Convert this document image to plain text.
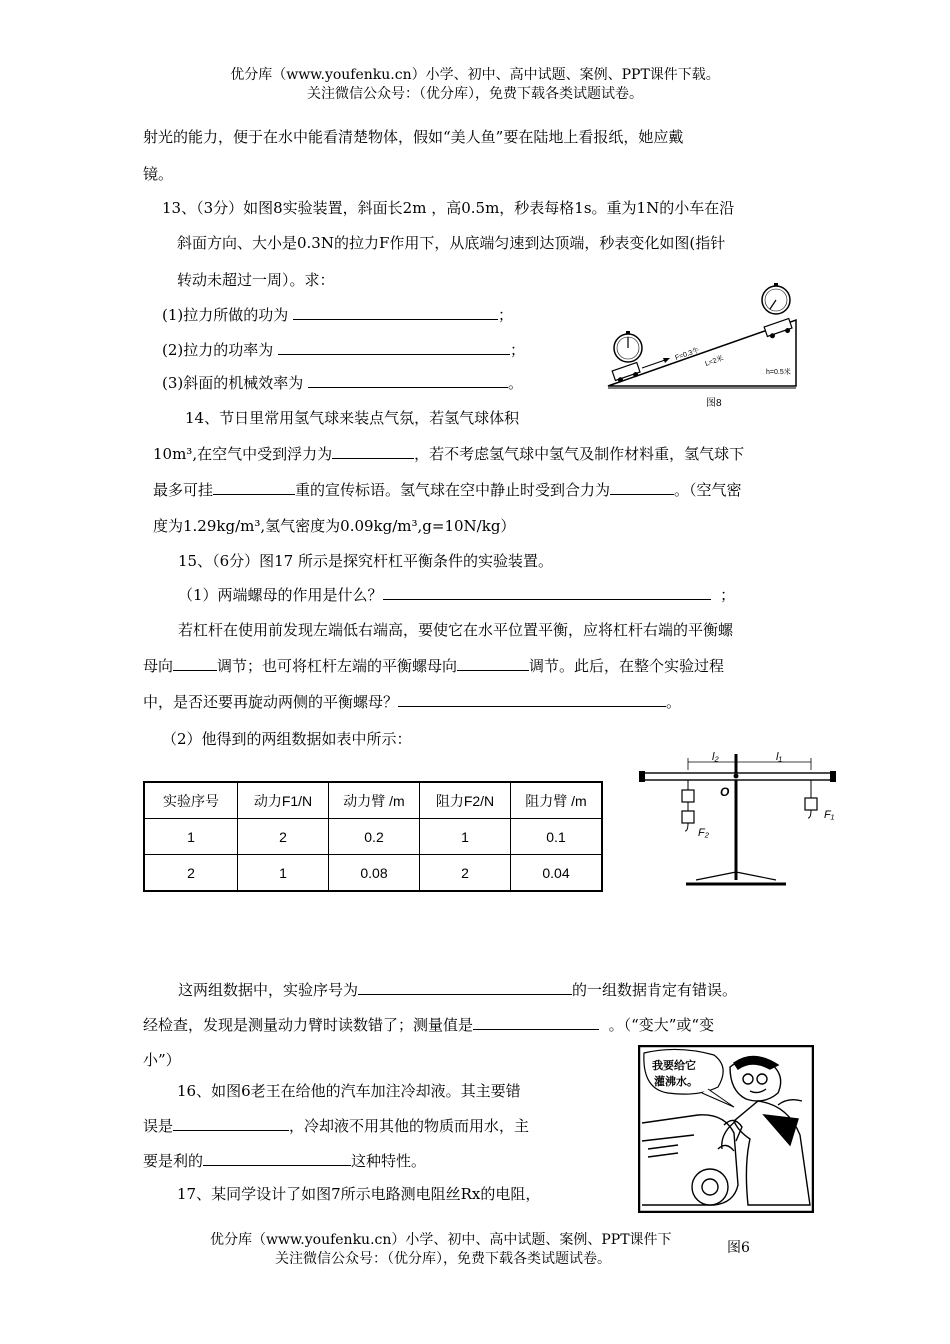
优分库（www.youfenku.cn）小学、初中、高中试题、案例、PPT课件下载。
关注微信公众号：（优分库），免费下载各类试题试卷。
射光的能力，便于在水中能看清楚物体，假如“美人鱼”要在陆地上看报纸，她应戴
镜。
13、（3分）如图8实验装置，斜面长2m ，高0.5m，秒表每格1s。重为1N的小车在沿
斜面方向、大小是0.3N的拉力F作用下，从底端匀速到达顶端，秒表变化如图(指针
转动未超过一周）。求：
(1)拉力所做的功为	；
(2)拉力的功率为	；
(3)斜面的机械效率为	。
F=0.3牛 L=2米
h=0.5米
图8
14、节日里常用氢气球来装点气氛，若氢气球体积
10m³,在空气中受到浮力为	，若不考虑氢气球中氢气及制作材料重，氢气球下
最多可挂	重的宣传标语。氢气球在空中静止时受到合力为	。（空气密
度为1.29kg/m³,氢气密度为0.09kg/m³,g=10N/kg）
15、（6分）图17 所示是探究杆杠平衡条件的实验装置。
（1）两端螺母的作用是什么？	；
若杠杆在使用前发现左端低右端高，要使它在水平位置平衡，应将杠杆右端的平衡螺
母向	调节；也可将杠杆左端的平衡螺母向	调节。此后，在整个实验过程
中，是否还要再旋动两侧的平衡螺母？	。
（2）他得到的两组数据如表中所示：
实验序号	动力F1/N	动力臂 /m	阻力F2/N	阻力臂 /m
1	2	0.2	1	0.1
2	1	0.08	2	0.04
l₂	l₁
O
F₂
F₁
这两组数据中，实验序号为	的一组数据肯定有错误。
经检查，发现是测量动力臂时读数错了；测量值是	。（“变大”或“变
小”）
16、如图6老王在给他的汽车加注冷却液。其主要错
误是	，冷却液不用其他的物质而用水，主
要是利的	这种特性。
我要给它
灌沸水。
17、某同学设计了如图7所示电路测电阻丝Rx的电阻，
优分库（www.youfenku.cn）小学、初中、高中试题、案例、PPT课件下
关注微信公众号：（优分库），免费下载各类试题试卷。
图6
